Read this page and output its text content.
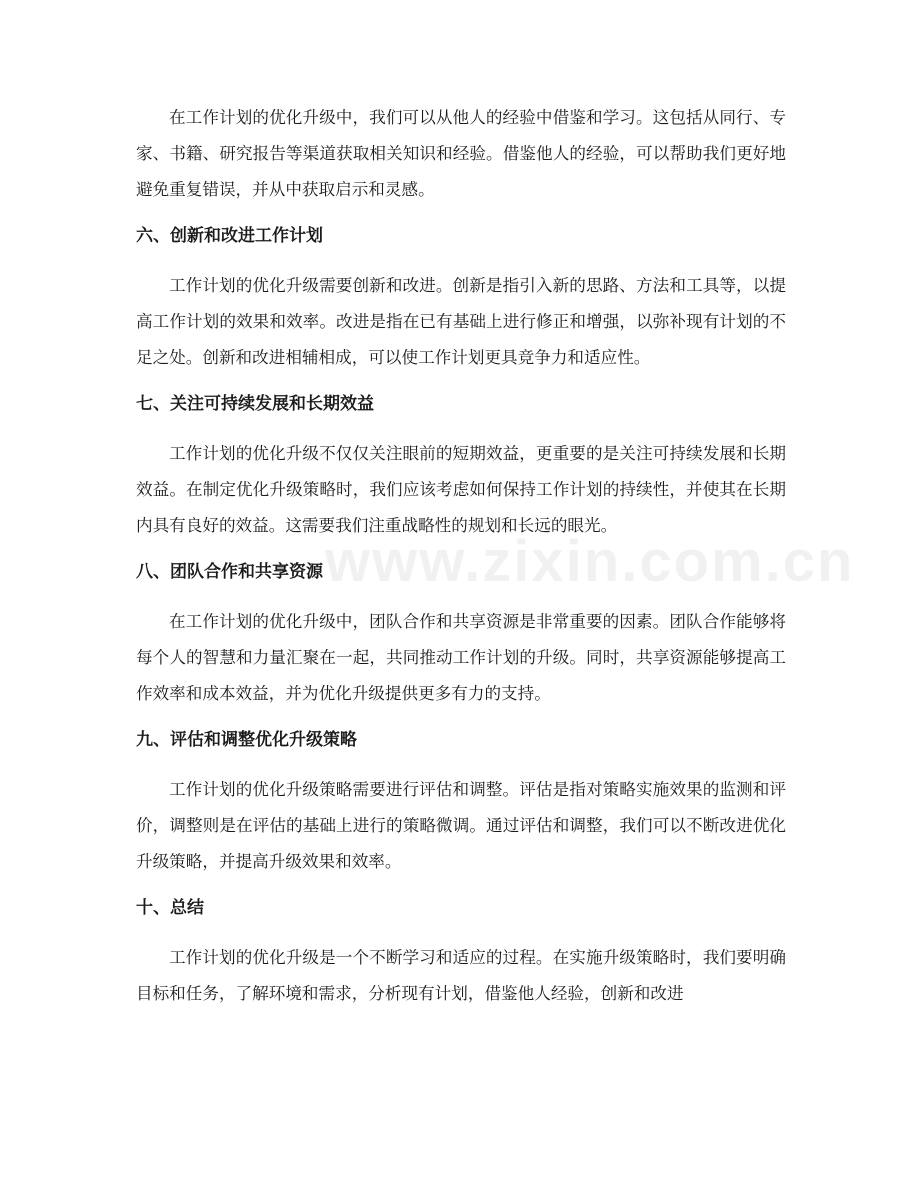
在工作计划的优化升级中，我们可以从他人的经验中借鉴和学习。这包括从同行、专家、书籍、研究报告等渠道获取相关知识和经验。借鉴他人的经验，可以帮助我们更好地避免重复错误，并从中获取启示和灵感。

六、创新和改进工作计划

工作计划的优化升级需要创新和改进。创新是指引入新的思路、方法和工具等，以提高工作计划的效果和效率。改进是指在已有基础上进行修正和增强，以弥补现有计划的不足之处。创新和改进相辅相成，可以使工作计划更具竞争力和适应性。

七、关注可持续发展和长期效益

工作计划的优化升级不仅仅关注眼前的短期效益，更重要的是关注可持续发展和长期效益。在制定优化升级策略时，我们应该考虑如何保持工作计划的持续性，并使其在长期内具有良好的效益。这需要我们注重战略性的规划和长远的眼光。

八、团队合作和共享资源

在工作计划的优化升级中，团队合作和共享资源是非常重要的因素。团队合作能够将每个人的智慧和力量汇聚在一起，共同推动工作计划的升级。同时，共享资源能够提高工作效率和成本效益，并为优化升级提供更多有力的支持。

九、评估和调整优化升级策略

工作计划的优化升级策略需要进行评估和调整。评估是指对策略实施效果的监测和评价，调整则是在评估的基础上进行的策略微调。通过评估和调整，我们可以不断改进优化升级策略，并提高升级效果和效率。

十、总结

工作计划的优化升级是一个不断学习和适应的过程。在实施升级策略时，我们要明确目标和任务，了解环境和需求，分析现有计划，借鉴他人经验，创新和改进

www.zixin.com.cn
